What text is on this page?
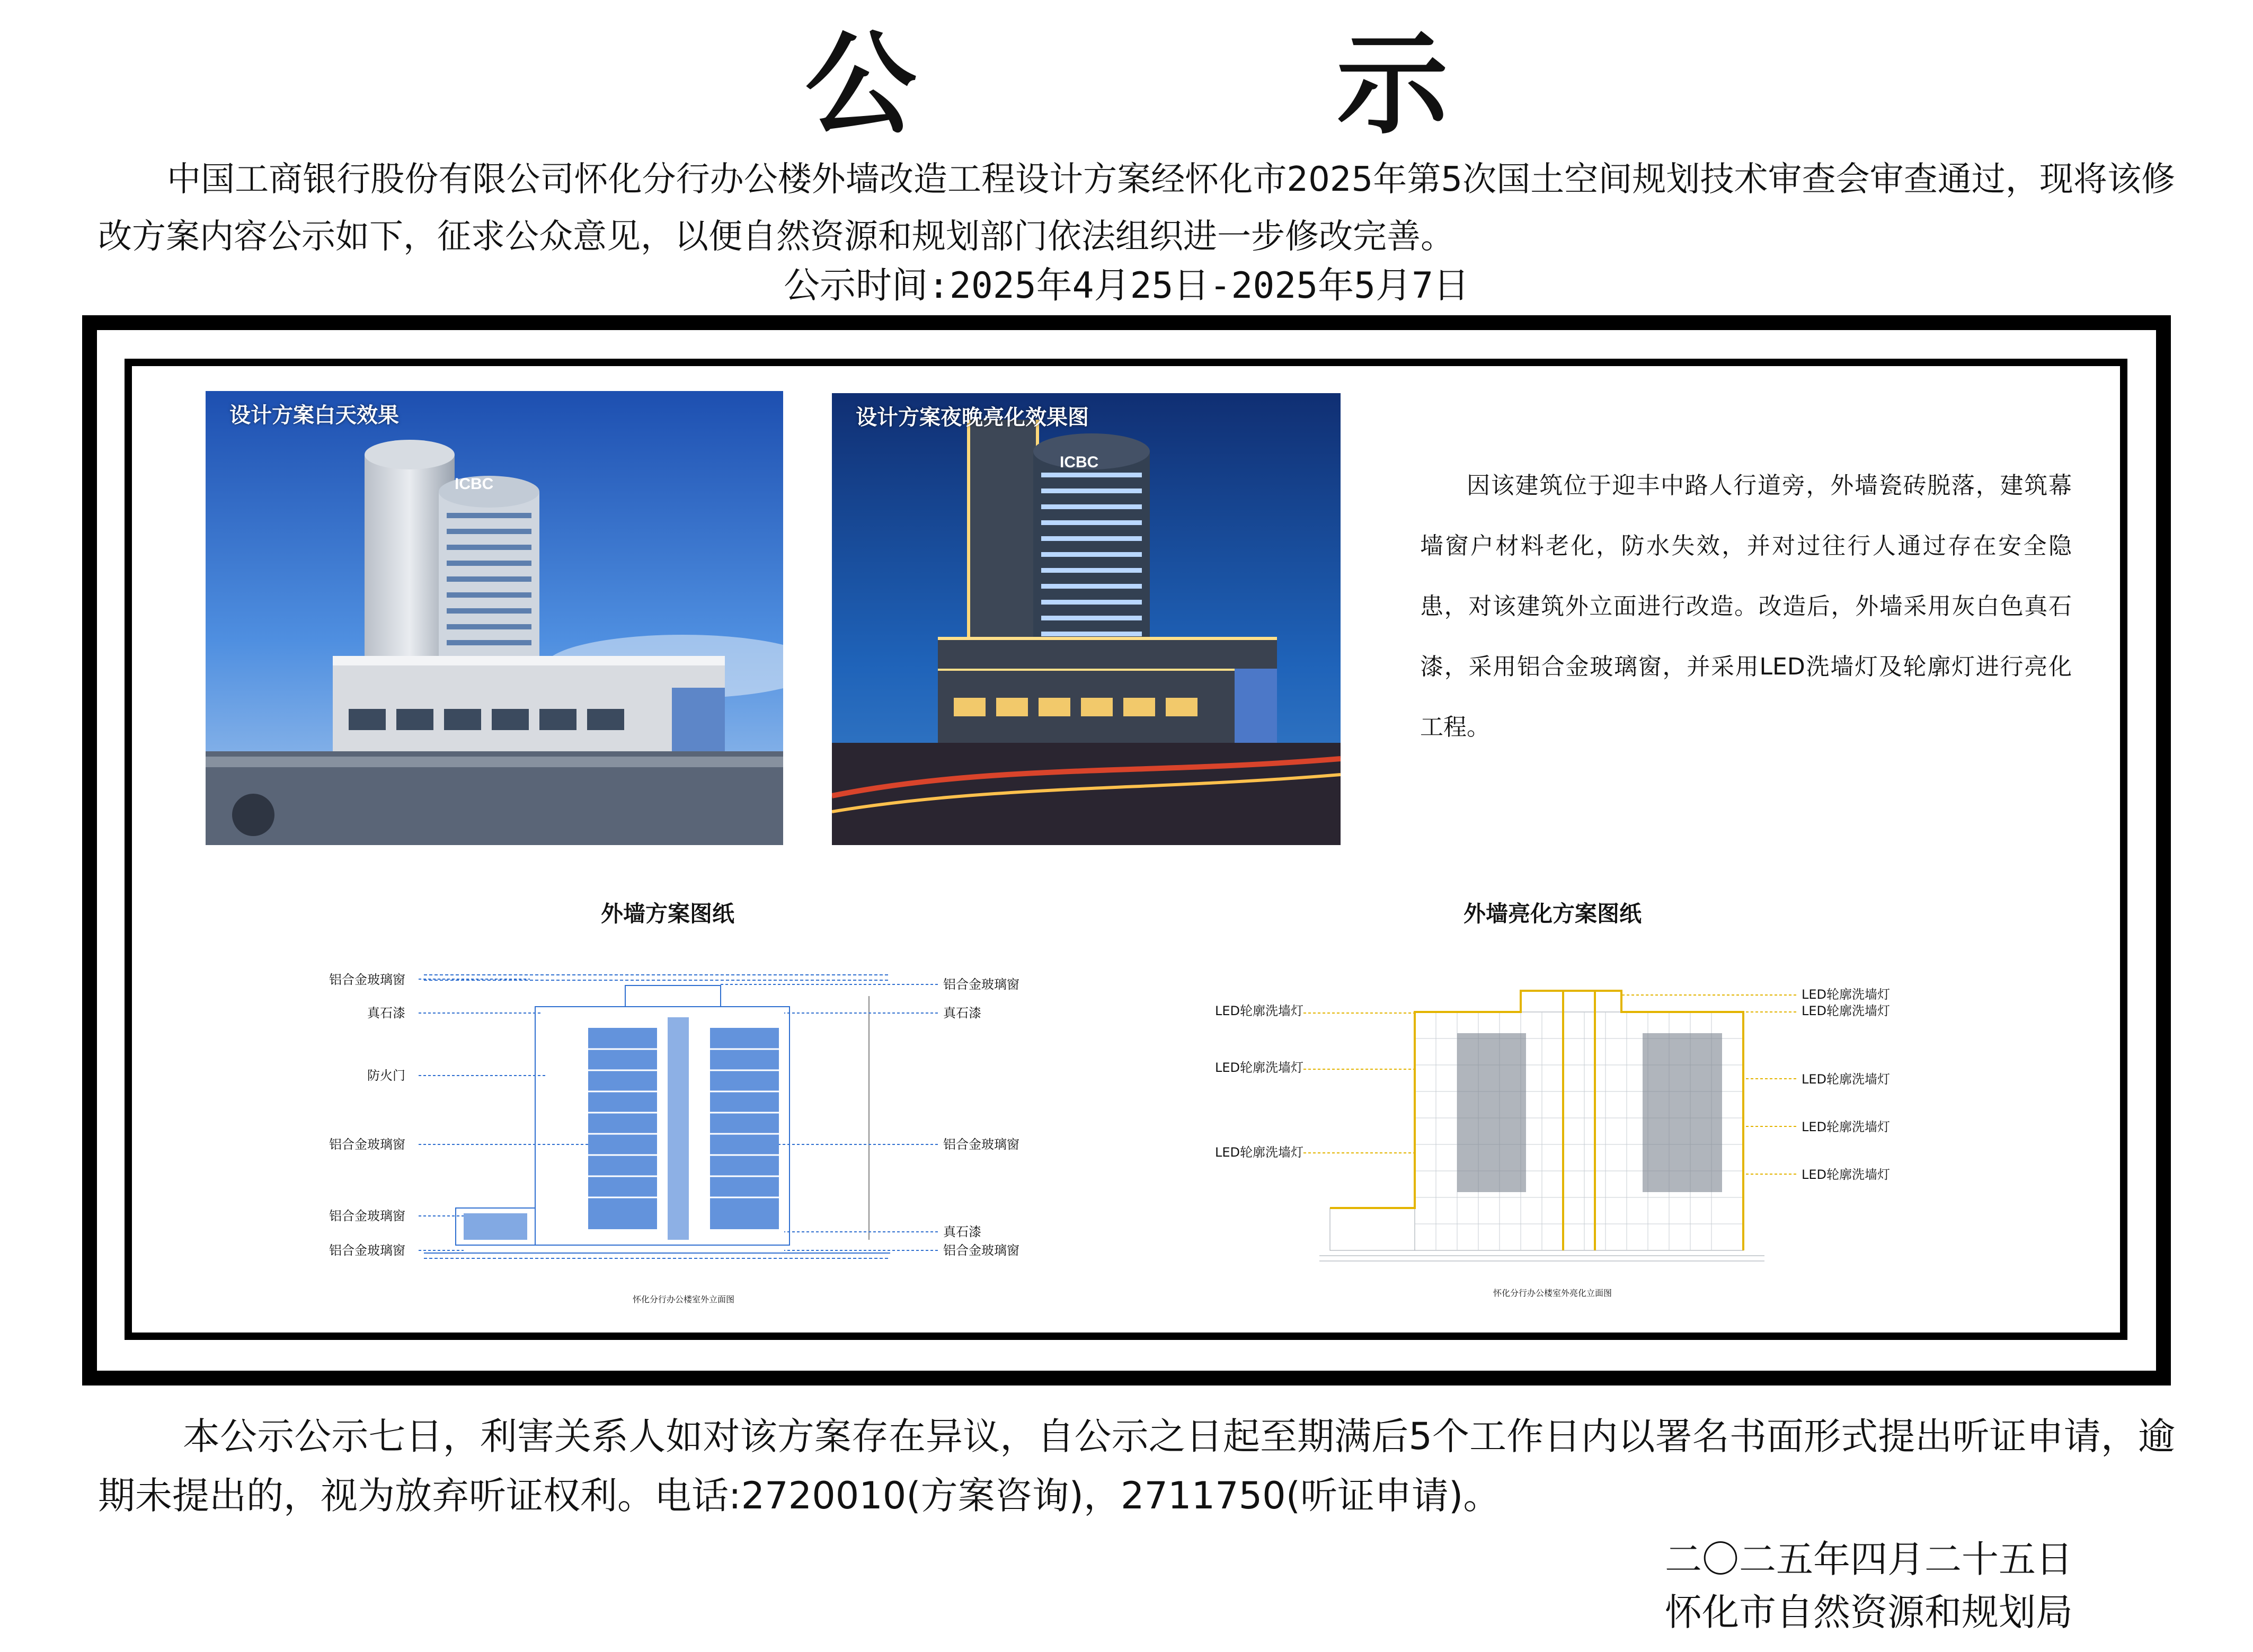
公 示
中国工商银行股份有限公司怀化分行办公楼外墙改造工程设计方案经怀化市2025年第5次国土空间规划技术审查会审查通过，现将该修改方案内容公示如下，征求公众意见，以便自然资源和规划部门依法组织进一步修改完善。
公示时间:2025年4月25日-2025年5月7日
ICBC
设计方案白天效果
ICBC
设计方案夜晚亮化效果图
因该建筑位于迎丰中路人行道旁，外墙瓷砖脱落，建筑幕墙窗户材料老化，防水失效，并对过往行人通过存在安全隐患，对该建筑外立面进行改造。改造后，外墙采用灰白色真石漆，采用铝合金玻璃窗，并采用LED洗墙灯及轮廓灯进行亮化工程。
外墙方案图纸
铝合金玻璃窗
真石漆
防火门
铝合金玻璃窗
铝合金玻璃窗
铝合金玻璃窗
铝合金玻璃窗
真石漆
铝合金玻璃窗
真石漆
铝合金玻璃窗
怀化分行办公楼室外立面图
外墙亮化方案图纸
LED轮廓洗墙灯
LED轮廓洗墙灯
LED轮廓洗墙灯
LED轮廓洗墙灯
LED轮廓洗墙灯
LED轮廓洗墙灯
LED轮廓洗墙灯
LED轮廓洗墙灯
怀化分行办公楼室外亮化立面图
本公示公示七日，利害关系人如对该方案存在异议，自公示之日起至期满后5个工作日内以署名书面形式提出听证申请，逾期未提出的，视为放弃听证权利。电话:2720010(方案咨询)，2711750(听证申请)。
二〇二五年四月二十五日
怀化市自然资源和规划局
